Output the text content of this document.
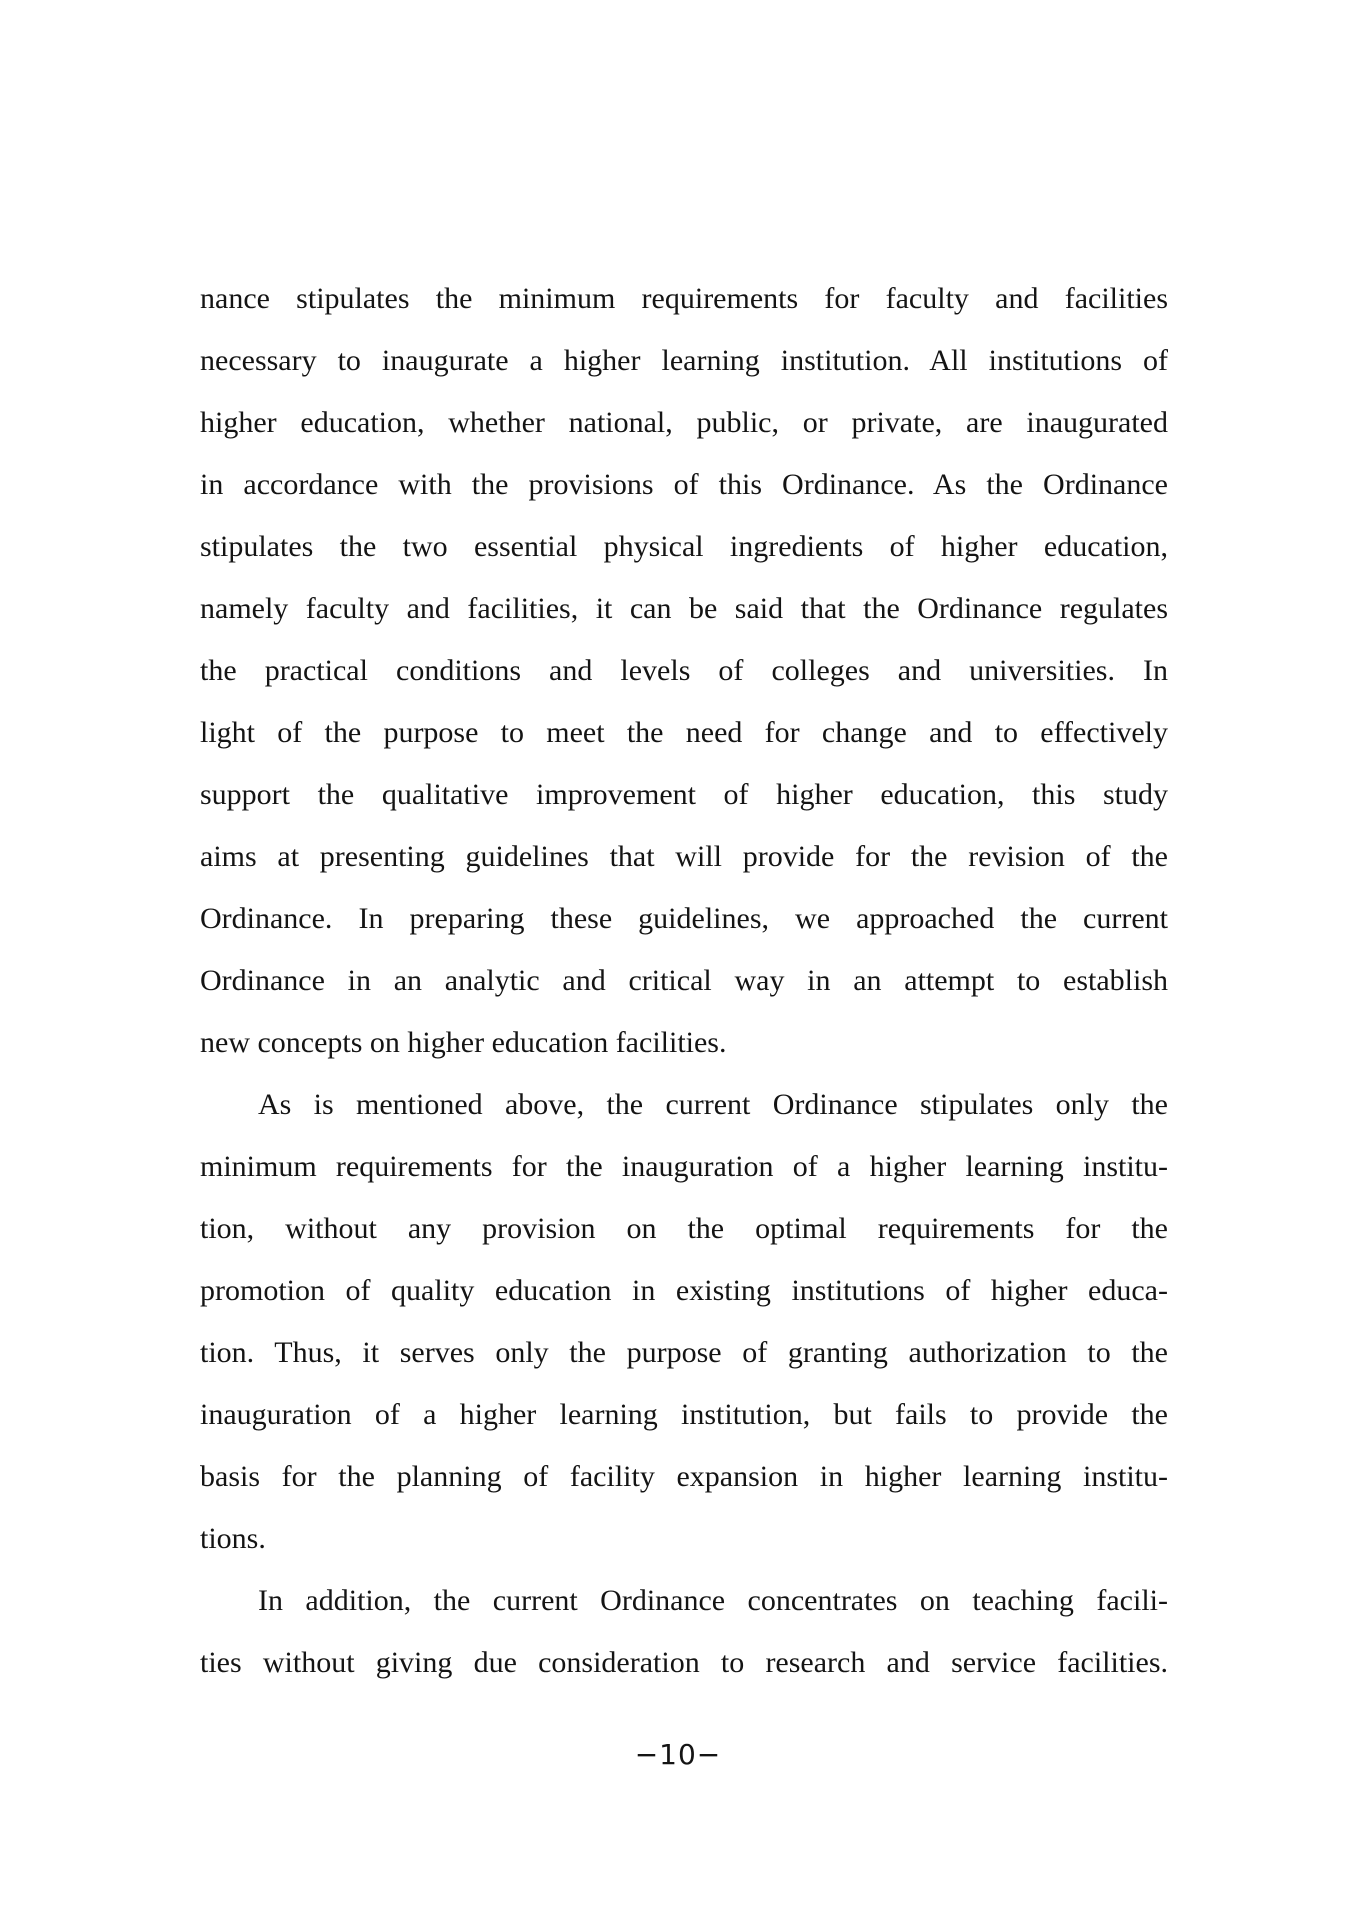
nance stipulates the minimum requirements for faculty and facilities
necessary to inaugurate a higher learning institution. All institutions of
higher education, whether national, public, or private, are inaugurated
in accordance with the provisions of this Ordinance. As the Ordinance
stipulates the two essential physical ingredients of higher education,
namely faculty and facilities, it can be said that the Ordinance regulates
the practical conditions and levels of colleges and universities. In
light of the purpose to meet the need for change and to effectively
support the qualitative improvement of higher education, this study
aims at presenting guidelines that will provide for the revision of the
Ordinance. In preparing these guidelines, we approached the current
Ordinance in an analytic and critical way in an attempt to establish
new concepts on higher education facilities.
As is mentioned above, the current Ordinance stipulates only the
minimum requirements for the inauguration of a higher learning institu-
tion, without any provision on the optimal requirements for the
promotion of quality education in existing institutions of higher educa-
tion. Thus, it serves only the purpose of granting authorization to the
inauguration of a higher learning institution, but fails to provide the
basis for the planning of facility expansion in higher learning institu-
tions.
In addition, the current Ordinance concentrates on teaching facili-
ties without giving due consideration to research and service facilities.
−10−
